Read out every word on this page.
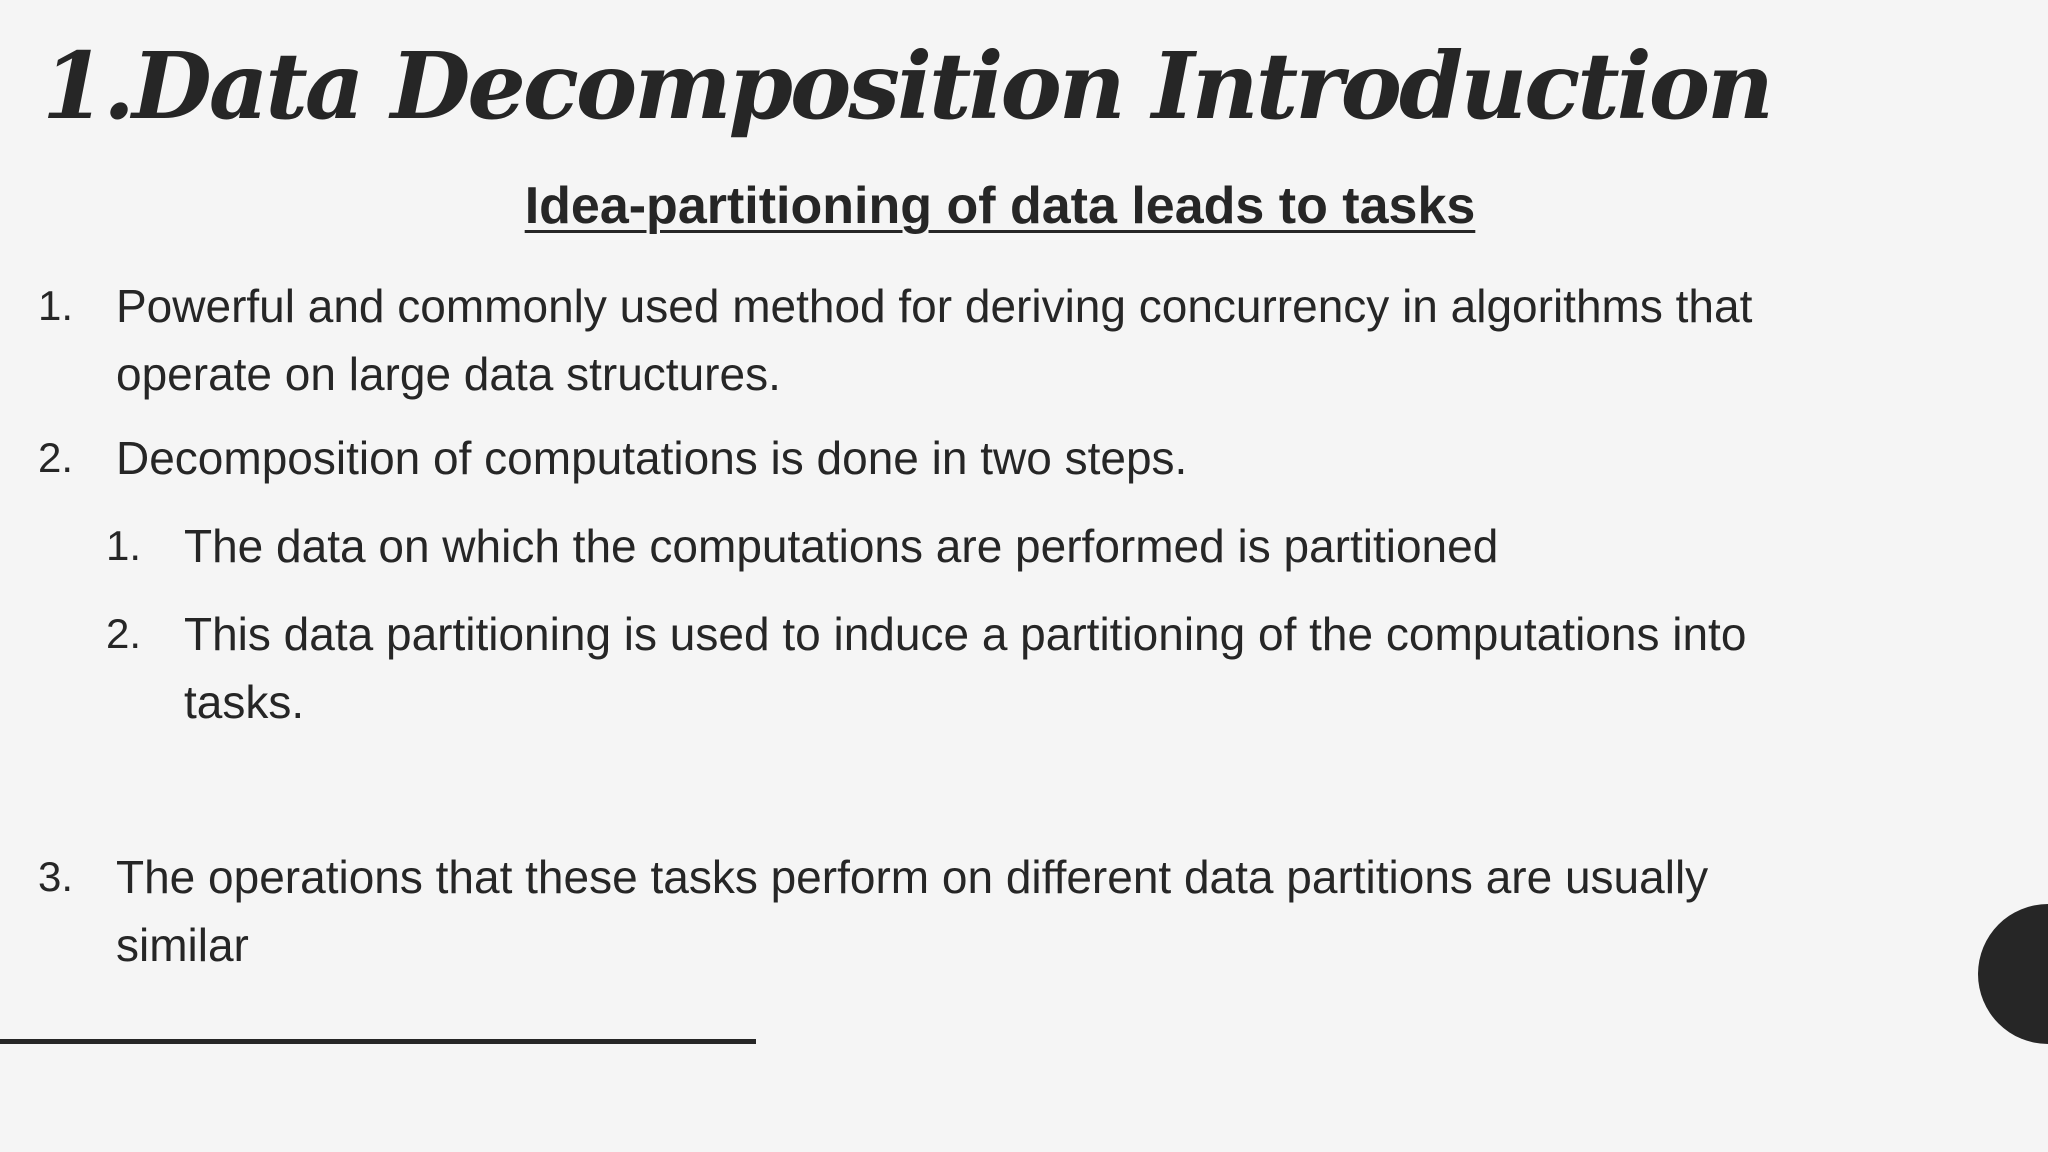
1.Data Decomposition Introduction
Idea-partitioning of data leads to tasks
1. Powerful and commonly used method for deriving concurrency in algorithms that operate on large data structures.
2. Decomposition of computations is done in two steps.
1. The data on which the computations are performed is partitioned
2. This data partitioning is used to induce a partitioning of the computations into tasks.
3. The operations that these tasks perform on different data partitions are usually similar
